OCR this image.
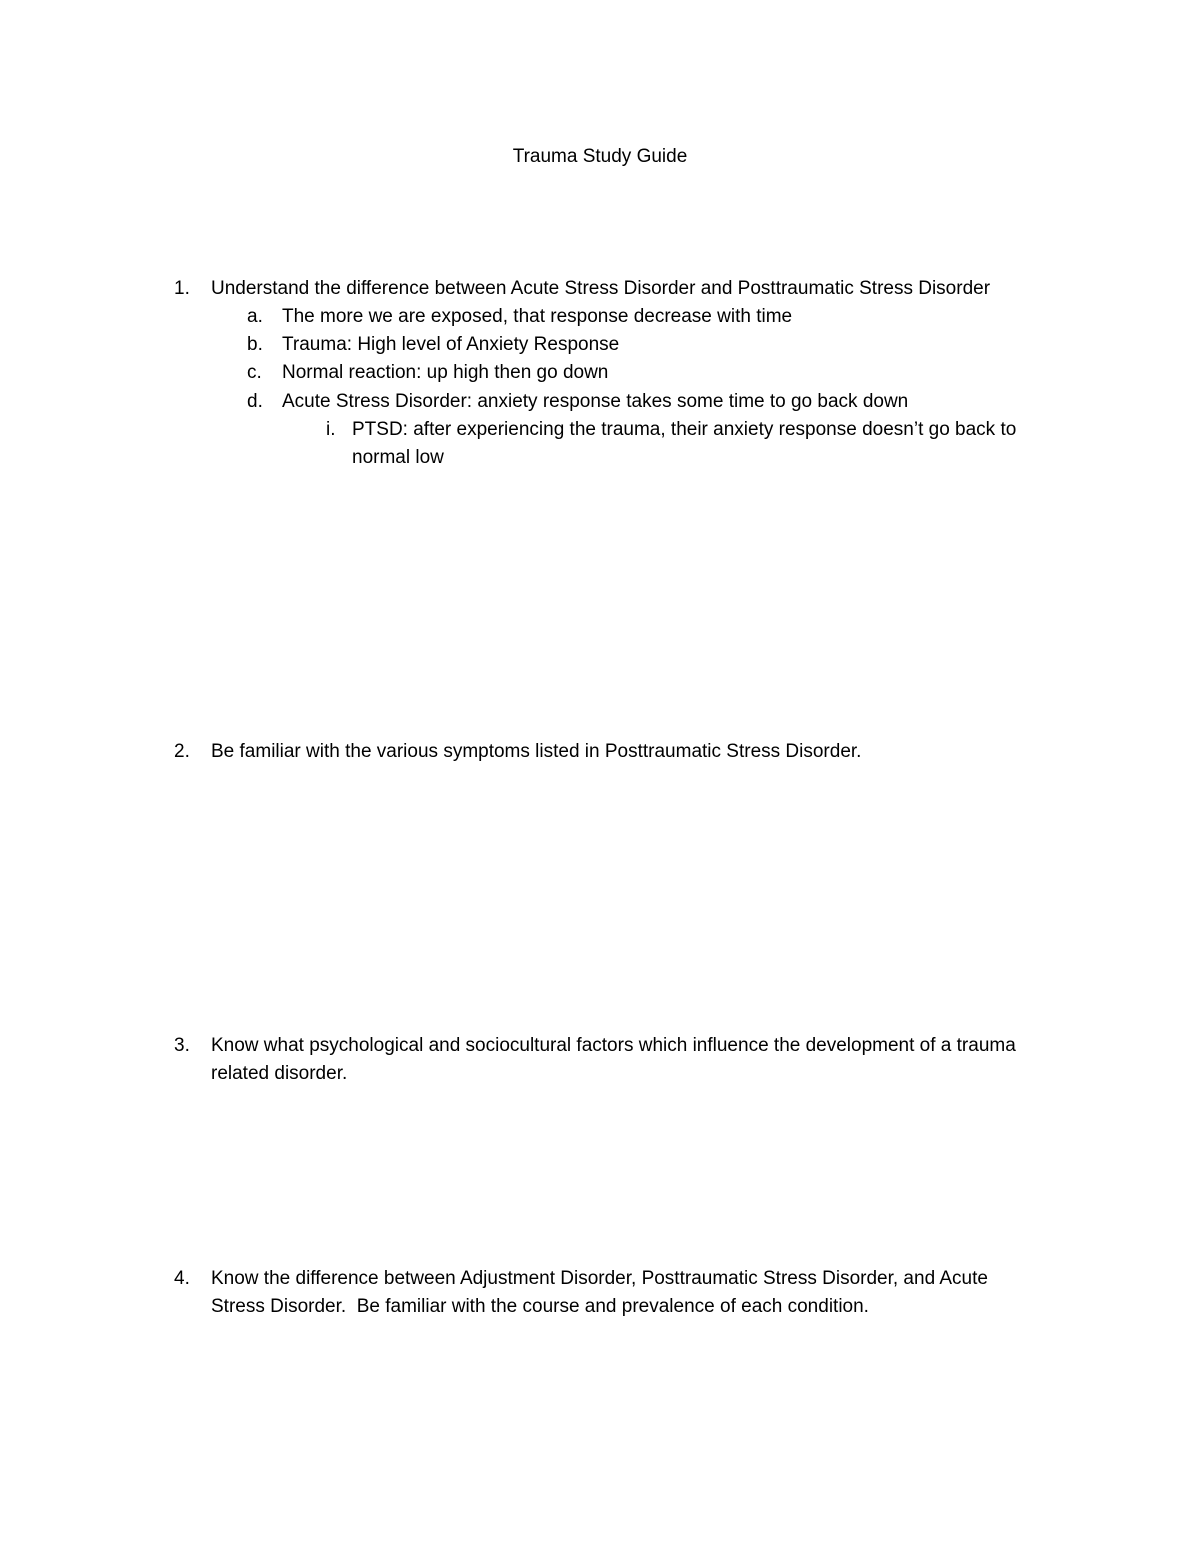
Trauma Study Guide
1. Understand the difference between Acute Stress Disorder and Posttraumatic Stress Disorder
a. The more we are exposed, that response decrease with time
b. Trauma: High level of Anxiety Response
c. Normal reaction: up high then go down
d. Acute Stress Disorder: anxiety response takes some time to go back down
i. PTSD: after experiencing the trauma, their anxiety response doesn’t go back to
normal low
2. Be familiar with the various symptoms listed in Posttraumatic Stress Disorder.
3. Know what psychological and sociocultural factors which influence the development of a trauma
related disorder.
4. Know the difference between Adjustment Disorder, Posttraumatic Stress Disorder, and Acute
Stress Disorder.  Be familiar with the course and prevalence of each condition.
